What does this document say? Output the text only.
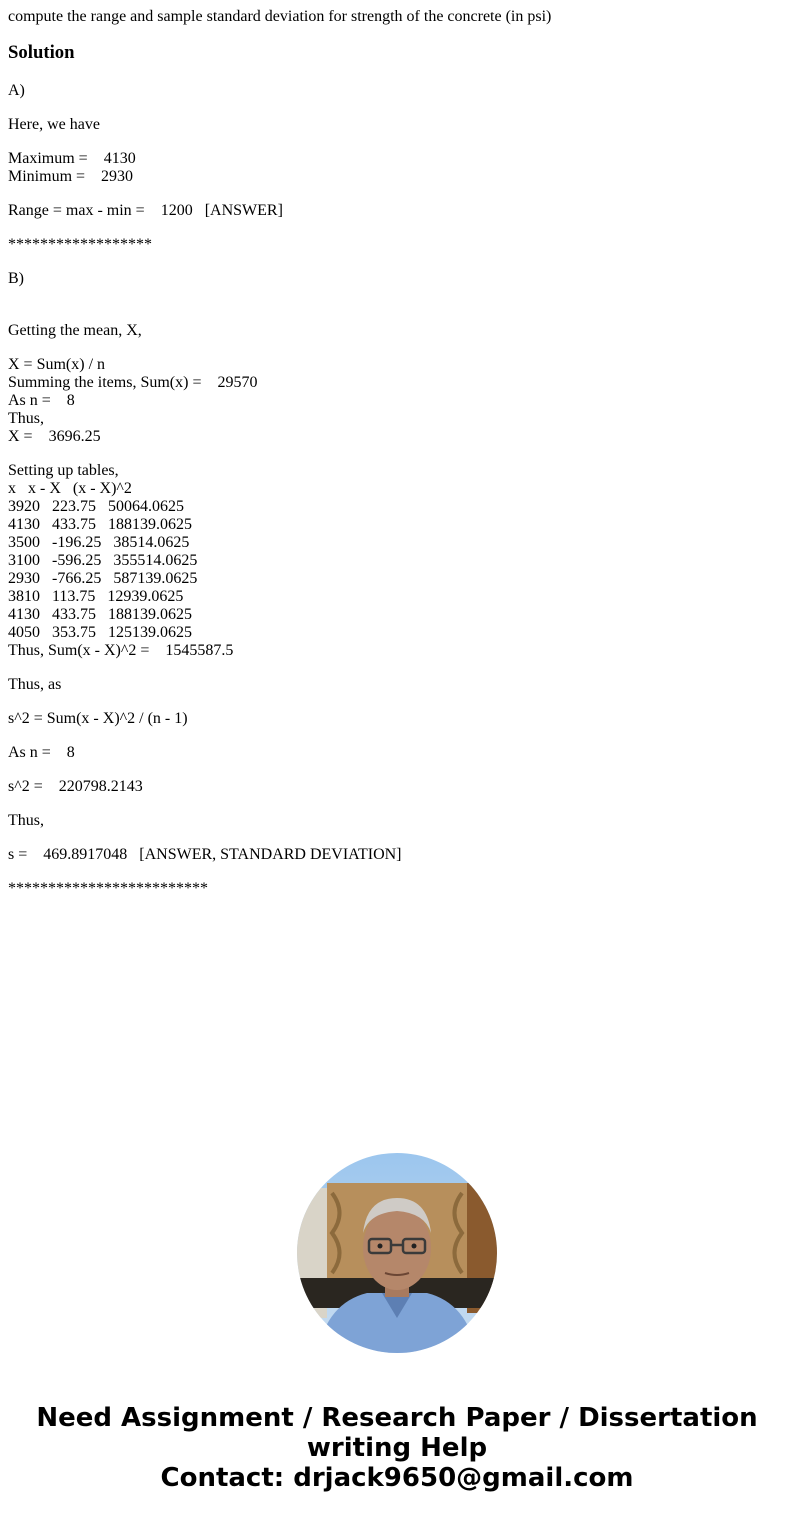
compute the range and sample standard deviation for strength of the concrete (in psi)
Solution

A)

Here, we have

Maximum =    4130
Minimum =    2930

Range = max - min =    1200   [ANSWER]

******************

B)

Getting the mean, X,

X = Sum(x) / n
Summing the items, Sum(x) =    29570
As n =    8
Thus,
X =    3696.25
Setting up tables,
x   x - X   (x - X)^2
3920   223.75   50064.0625
4130   433.75   188139.0625
3500   -196.25   38514.0625
3100   -596.25   355514.0625
2930   -766.25   587139.0625
3810   113.75   12939.0625
4130   433.75   188139.0625
4050   353.75   125139.0625
Thus, Sum(x - X)^2 =    1545587.5

Thus, as

s^2 = Sum(x - X)^2 / (n - 1)

As n =    8

s^2 =    220798.2143

Thus,

s =    469.8917048   [ANSWER, STANDARD DEVIATION]

*************************

Need Assignment / Research Paper / Dissertation
writing Help
Contact: drjack9650@gmail.com
